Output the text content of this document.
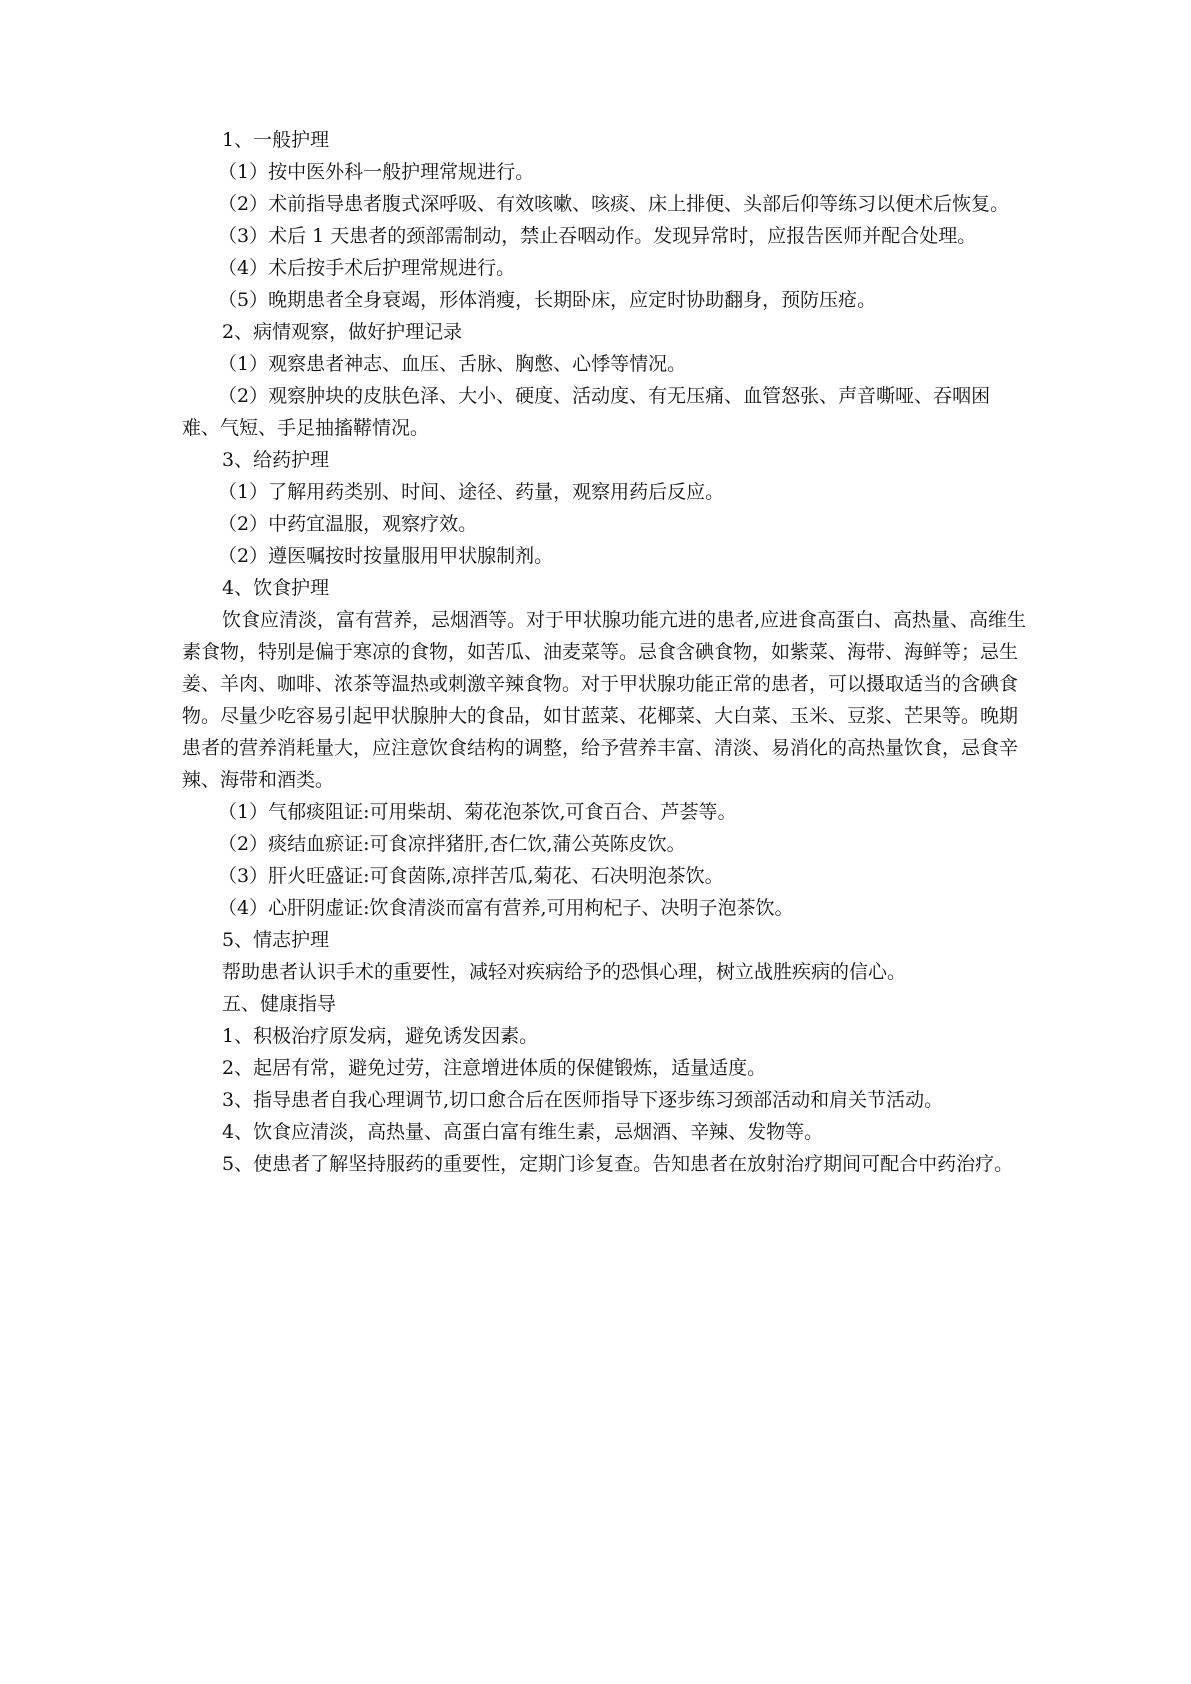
1、一般护理

（1）按中医外科一般护理常规进行。

（2）术前指导患者腹式深呼吸、有效咳嗽、咳痰、床上排便、头部后仰等练习以便术后恢复。

（3）术后 1 天患者的颈部需制动，禁止吞咽动作。发现异常时，应报告医师并配合处理。

（4）术后按手术后护理常规进行。

（5）晚期患者全身衰竭，形体消瘦，长期卧床，应定时协助翻身，预防压疮。

2、病情观察，做好护理记录

（1）观察患者神志、血压、舌脉、胸憋、心悸等情况。

（2）观察肿块的皮肤色泽、大小、硬度、活动度、有无压痛、血管怒张、声音嘶哑、吞咽困难、气短、手足抽搐鞯情况。

3、给药护理

（1）了解用药类别、时间、途径、药量，观察用药后反应。

（2）中药宜温服，观察疗效。

（2）遵医嘱按时按量服用甲状腺制剂。

4、饮食护理

饮食应清淡，富有营养，忌烟酒等。对于甲状腺功能亢进的患者,应进食高蛋白、高热量、高维生素食物，特别是偏于寒凉的食物，如苦瓜、油麦菜等。忌食含碘食物，如紫菜、海带、海鲜等；忌生姜、羊肉、咖啡、浓茶等温热或刺激辛辣食物。对于甲状腺功能正常的患者，可以摄取适当的含碘食物。尽量少吃容易引起甲状腺肿大的食品，如甘蓝菜、花椰菜、大白菜、玉米、豆浆、芒果等。晚期患者的营养消耗量大，应注意饮食结构的调整，给予营养丰富、清淡、易消化的高热量饮食，忌食辛辣、海带和酒类。

（1）气郁痰阻证:可用柴胡、菊花泡茶饮,可食百合、芦荟等。

（2）痰结血瘀证:可食凉拌猪肝,杏仁饮,蒲公英陈皮饮。

（3）肝火旺盛证:可食茵陈,凉拌苦瓜,菊花、石决明泡茶饮。

（4）心肝阴虚证:饮食清淡而富有营养,可用枸杞子、决明子泡茶饮。

5、情志护理

帮助患者认识手术的重要性，减轻对疾病给予的恐惧心理，树立战胜疾病的信心。

五、健康指导

1、积极治疗原发病，避免诱发因素。

2、起居有常，避免过劳，注意增进体质的保健锻炼，适量适度。

3、指导患者自我心理调节,切口愈合后在医师指导下逐步练习颈部活动和肩关节活动。

4、饮食应清淡，高热量、高蛋白富有维生素，忌烟酒、辛辣、发物等。

5、使患者了解坚持服药的重要性，定期门诊复查。告知患者在放射治疗期间可配合中药治疗。
